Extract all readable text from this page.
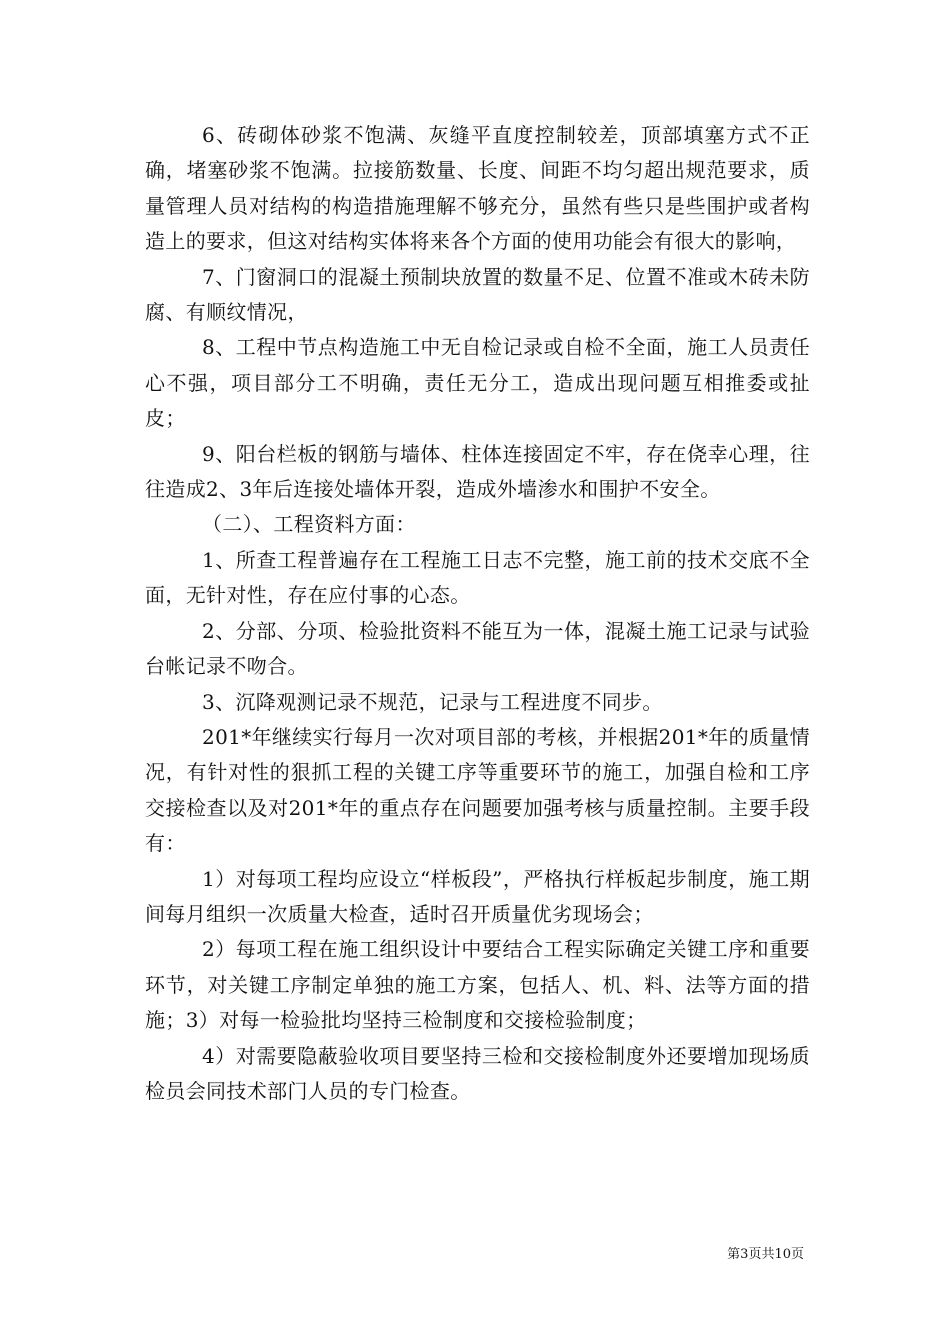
6、砖砌体砂浆不饱满、灰缝平直度控制较差，顶部填塞方式不正确，堵塞砂浆不饱满。拉接筋数量、长度、间距不均匀超出规范要求，质量管理人员对结构的构造措施理解不够充分，虽然有些只是些围护或者构造上的要求，但这对结构实体将来各个方面的使用功能会有很大的影响，

7、门窗洞口的混凝土预制块放置的数量不足、位置不准或木砖未防腐、有顺纹情况，

8、工程中节点构造施工中无自检记录或自检不全面，施工人员责任心不强，项目部分工不明确，责任无分工，造成出现问题互相推委或扯皮；

9、阳台栏板的钢筋与墙体、柱体连接固定不牢，存在侥幸心理，往往造成2、3年后连接处墙体开裂，造成外墙渗水和围护不安全。

（二）、工程资料方面：

1、所查工程普遍存在工程施工日志不完整，施工前的技术交底不全面，无针对性，存在应付事的心态。

2、分部、分项、检验批资料不能互为一体，混凝土施工记录与试验台帐记录不吻合。

3、沉降观测记录不规范，记录与工程进度不同步。

201*年继续实行每月一次对项目部的考核，并根据201*年的质量情况，有针对性的狠抓工程的关键工序等重要环节的施工，加强自检和工序交接检查以及对201*年的重点存在问题要加强考核与质量控制。主要手段有：

1）对每项工程均应设立“样板段”，严格执行样板起步制度，施工期间每月组织一次质量大检查，适时召开质量优劣现场会；

2）每项工程在施工组织设计中要结合工程实际确定关键工序和重要环节，对关键工序制定单独的施工方案，包括人、机、料、法等方面的措施；3）对每一检验批均坚持三检制度和交接检验制度；

4）对需要隐蔽验收项目要坚持三检和交接检制度外还要增加现场质检员会同技术部门人员的专门检查。

第3页共10页
